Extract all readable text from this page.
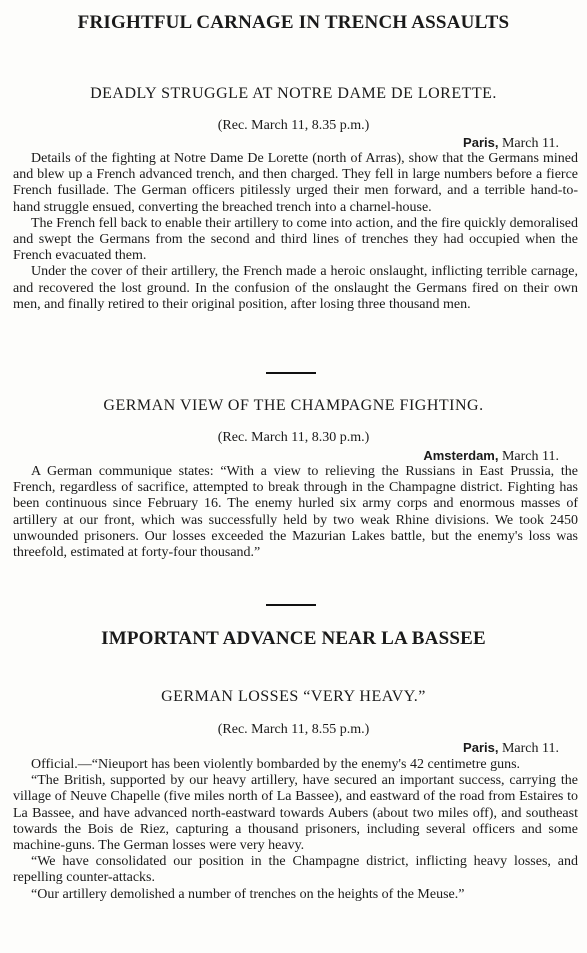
FRIGHTFUL CARNAGE IN TRENCH ASSAULTS
DEADLY STRUGGLE AT NOTRE DAME DE LORETTE.
(Rec. March 11, 8.35 p.m.)
Paris, March 11.

Details of the fighting at Notre Dame De Lorette (north of Arras), show that the Germans mined and blew up a French advanced trench, and then charged. They fell in large numbers before a fierce French fusillade. The German officers pitilessly urged their men forward, and a terrible hand-to-hand struggle ensued, converting the breached trench into a charnel-house.

The French fell back to enable their artillery to come into action, and the fire quickly demoralised and swept the Germans from the second and third lines of trenches they had occupied when the French evacuated them.

Under the cover of their artillery, the French made a heroic onslaught, inflicting terrible carnage, and recovered the lost ground. In the confusion of the onslaught the Germans fired on their own men, and finally retired to their original position, after losing three thousand men.

GERMAN VIEW OF THE CHAMPAGNE FIGHTING.
(Rec. March 11, 8.30 p.m.)
Amsterdam, March 11.

A German communique states: “With a view to relieving the Russians in East Prussia, the French, regardless of sacrifice, attempted to break through in the Champagne district. Fighting has been continuous since February 16. The enemy hurled six army corps and enormous masses of artillery at our front, which was successfully held by two weak Rhine divisions. We took 2450 unwounded prisoners. Our losses exceeded the Mazurian Lakes battle, but the enemy's loss was threefold, estimated at forty-four thousand.”

IMPORTANT ADVANCE NEAR LA BASSEE
GERMAN LOSSES “VERY HEAVY.”
(Rec. March 11, 8.55 p.m.)
Paris, March 11.

Official.—“Nieuport has been violently bombarded by the enemy's 42 centimetre guns.

“The British, supported by our heavy artillery, have secured an important success, carrying the village of Neuve Chapelle (five miles north of La Bassee), and eastward of the road from Estaires to La Bassee, and have advanced north-eastward towards Aubers (about two miles off), and southeast towards the Bois de Riez, capturing a thousand prisoners, including several officers and some machine-guns. The German losses were very heavy.

“We have consolidated our position in the Champagne district, inflicting heavy losses, and repelling counter-attacks.

“Our artillery demolished a number of trenches on the heights of the Meuse.”
